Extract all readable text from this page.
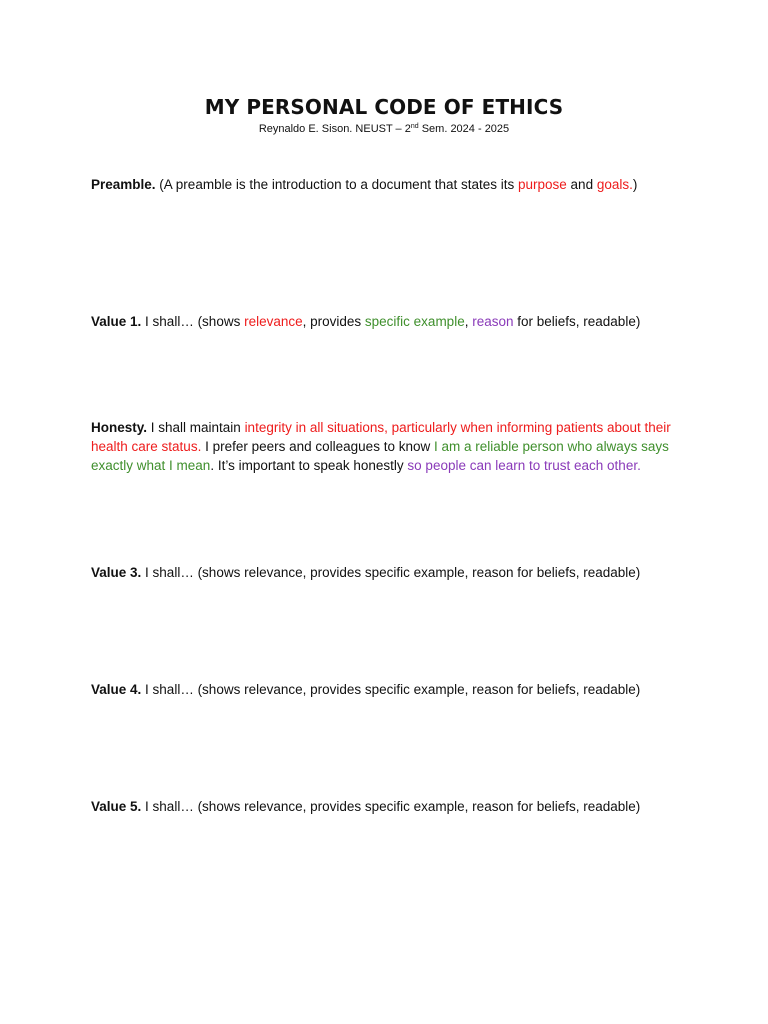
MY PERSONAL CODE OF ETHICS
Reynaldo E. Sison. NEUST – 2nd Sem. 2024 - 2025

Preamble. (A preamble is the introduction to a document that states its purpose and goals.)

Value 1. I shall… (shows relevance, provides specific example, reason for beliefs, readable)

Honesty. I shall maintain integrity in all situations, particularly when informing patients about their health care status. I prefer peers and colleagues to know I am a reliable person who always says exactly what I mean. It’s important to speak honestly so people can learn to trust each other.

Value 3. I shall… (shows relevance, provides specific example, reason for beliefs, readable)

Value 4. I shall… (shows relevance, provides specific example, reason for beliefs, readable)

Value 5. I shall… (shows relevance, provides specific example, reason for beliefs, readable)
